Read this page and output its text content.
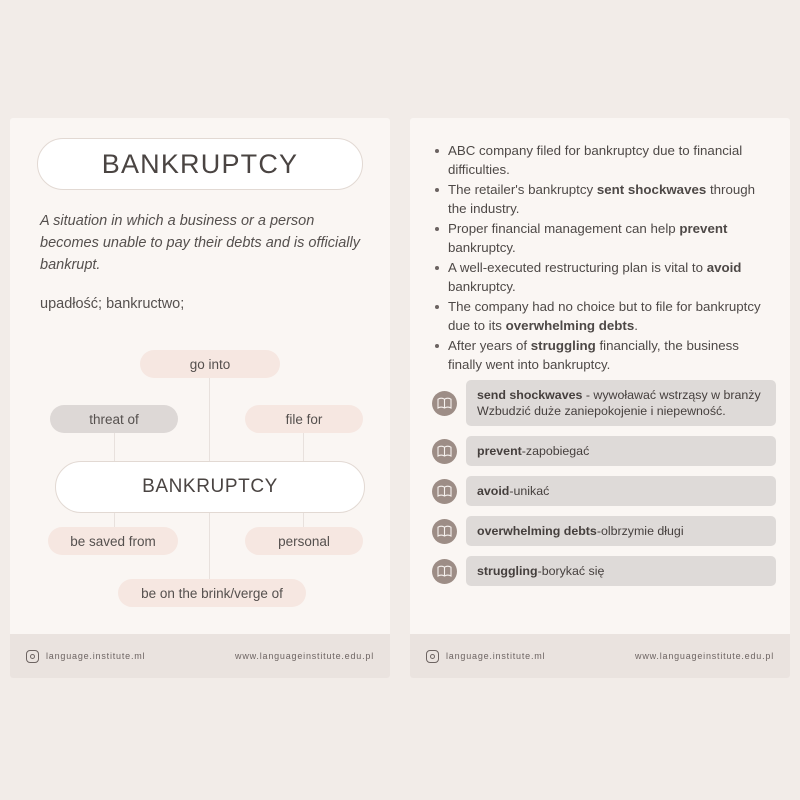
BANKRUPTCY
A situation in which a business or a person becomes unable to pay their debts and is officially bankrupt.
upadłość; bankructwo;
go into
threat of	file for
BANKRUPTCY
be saved from	personal
be on the brink/verge of
language.institute.ml	www.languageinstitute.edu.pl
ABC company filed for bankruptcy due to financial difficulties.
The retailer's bankruptcy sent shockwaves through the industry.
Proper financial management can help prevent bankruptcy.
A well-executed restructuring plan is vital to avoid bankruptcy.
The company had no choice but to file for bankruptcy due to its overwhelming debts.
After years of struggling financially, the business finally went into bankruptcy.
send shockwaves - wywoławać wstrząsy w branży Wzbudzić duże zaniepokojenie i niepewność.
prevent-zapobiegać
avoid-unikać
overwhelming debts-olbrzymie długi
struggling-borykać się
language.institute.ml	www.languageinstitute.edu.pl
